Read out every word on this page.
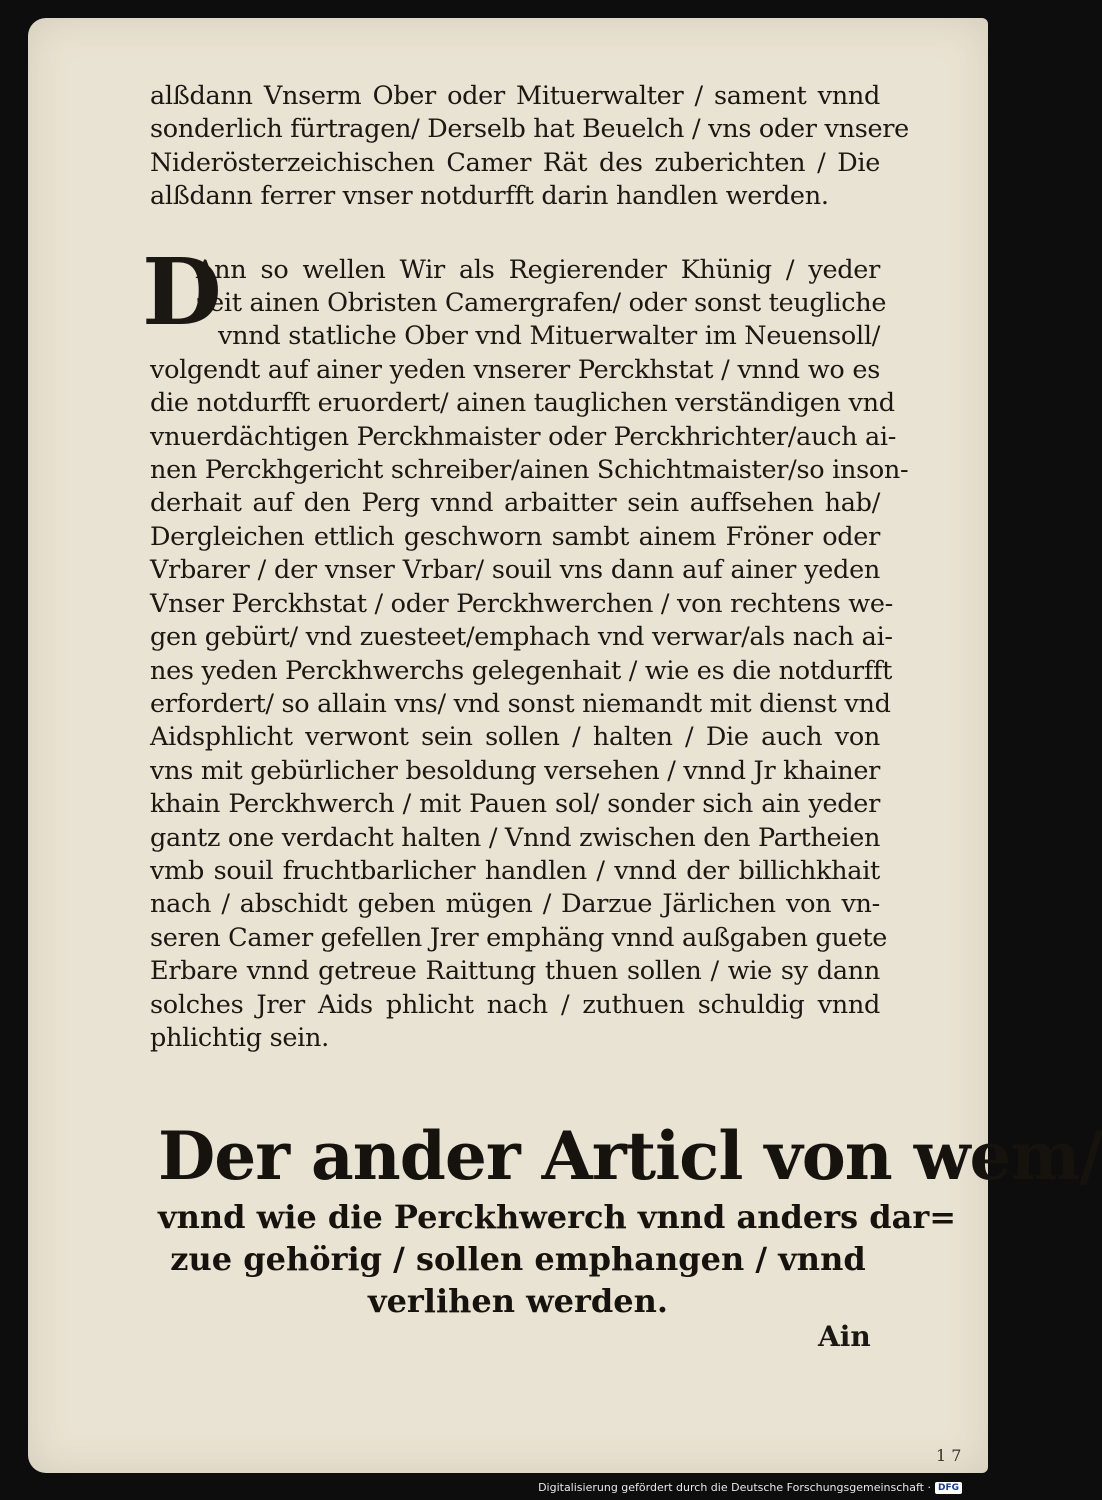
alßdann Vnserm Ober oder Mituerwalter / sament vnnd
sonderlich fürtragen/ Derselb hat Beuelch / vns oder vnsere
Niderösterzeichischen Camer Rät des zuberichten / Die
alßdann ferrer vnser notdurfft darin handlen werden.
D
Ann so wellen Wir als Regierender Khünig / yeder
zeit ainen Obristen Camergrafen/ oder sonst teugliche
vnnd statliche Ober vnd Mituerwalter im Neuensoll/
volgendt auf ainer yeden vnserer Perckhstat / vnnd wo es
die notdurfft eruordert/ ainen tauglichen verständigen vnd
vnuerdächtigen Perckhmaister oder Perckhrichter/auch ai-
nen Perckhgericht schreiber/ainen Schichtmaister/so inson-
derhait auf den Perg vnnd arbaitter sein auffsehen hab/
Dergleichen ettlich geschworn sambt ainem Fröner oder
Vrbarer / der vnser Vrbar/ souil vns dann auf ainer yeden
Vnser Perckhstat / oder Perckhwerchen / von rechtens we-
gen gebürt/ vnd zuesteet/emphach vnd verwar/als nach ai-
nes yeden Perckhwerchs gelegenhait / wie es die notdurfft
erfordert/ so allain vns/ vnd sonst niemandt mit dienst vnd
Aidsphlicht verwont sein sollen / halten / Die auch von
vns mit gebürlicher besoldung versehen / vnnd Jr khainer
khain Perckhwerch / mit Pauen sol/ sonder sich ain yeder
gantz one verdacht halten / Vnnd zwischen den Partheien
vmb souil fruchtbarlicher handlen / vnnd der billichkhait
nach / abschidt geben mügen / Darzue Järlichen von vn-
seren Camer gefellen Jrer emphäng vnnd außgaben guete
Erbare vnnd getreue Raittung thuen sollen / wie sy dann
solches Jrer Aids phlicht nach / zuthuen schuldig vnnd
phlichtig sein.
Der ander Articl von wem/
vnnd wie die Perckhwerch vnnd anders dar=
zue gehörig / sollen emphangen / vnnd
verlihen werden.
Ain
1 7
Digitalisierung gefördert durch die Deutsche Forschungsgemeinschaft · DFG
